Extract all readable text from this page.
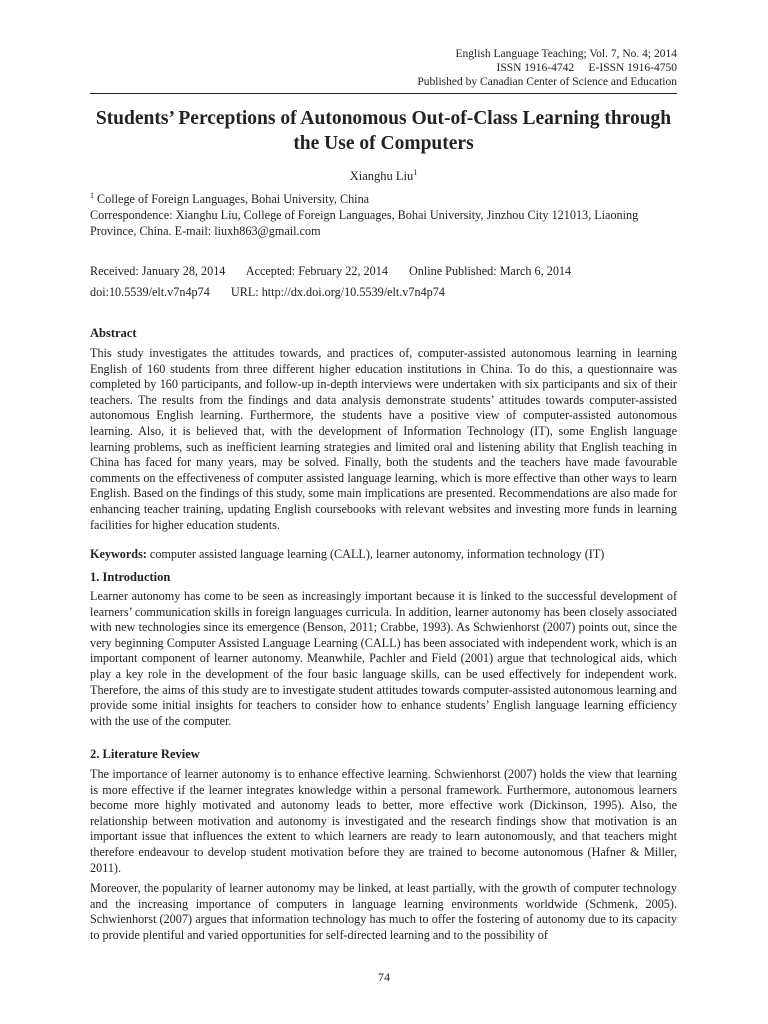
English Language Teaching; Vol. 7, No. 4; 2014
ISSN 1916-4742     E-ISSN 1916-4750
Published by Canadian Center of Science and Education
Students’ Perceptions of Autonomous Out-of-Class Learning through the Use of Computers
Xianghu Liu$^1$
$^1$ College of Foreign Languages, Bohai University, China
Correspondence: Xianghu Liu, College of Foreign Languages, Bohai University, Jinzhou City 121013, Liaoning Province, China. E-mail: liuxh863@gmail.com
Received: January 28, 2014 Accepted: February 22, 2014 Online Published: March 6, 2014
doi:10.5539/elt.v7n4p74 URL: http://dx.doi.org/10.5539/elt.v7n4p74
Abstract
This study investigates the attitudes towards, and practices of, computer-assisted autonomous learning in learning English of 160 students from three different higher education institutions in China. To do this, a questionnaire was completed by 160 participants, and follow-up in-depth interviews were undertaken with six participants and six of their teachers. The results from the findings and data analysis demonstrate students’ attitudes towards computer-assisted autonomous English learning. Furthermore, the students have a positive view of computer-assisted autonomous learning. Also, it is believed that, with the development of Information Technology (IT), some English language learning problems, such as inefficient learning strategies and limited oral and listening ability that English teaching in China has faced for many years, may be solved. Finally, both the students and the teachers have made favourable comments on the effectiveness of computer assisted language learning, which is more effective than other ways to learn English. Based on the findings of this study, some main implications are presented. Recommendations are also made for enhancing teacher training, updating English coursebooks with relevant websites and investing more funds in learning facilities for higher education students.
Keywords: computer assisted language learning (CALL), learner autonomy, information technology (IT)
1. Introduction
Learner autonomy has come to be seen as increasingly important because it is linked to the successful development of learners’ communication skills in foreign languages curricula. In addition, learner autonomy has been closely associated with new technologies since its emergence (Benson, 2011; Crabbe, 1993). As Schwienhorst (2007) points out, since the very beginning Computer Assisted Language Learning (CALL) has been associated with independent work, which is an important component of learner autonomy. Meanwhile, Pachler and Field (2001) argue that technological aids, which play a key role in the development of the four basic language skills, can be used effectively for independent work. Therefore, the aims of this study are to investigate student attitudes towards computer-assisted autonomous learning and provide some initial insights for teachers to consider how to enhance students’ English language learning efficiency with the use of the computer.
2. Literature Review
The importance of learner autonomy is to enhance effective learning. Schwienhorst (2007) holds the view that learning is more effective if the learner integrates knowledge within a personal framework. Furthermore, autonomous learners become more highly motivated and autonomy leads to better, more effective work (Dickinson, 1995). Also, the relationship between motivation and autonomy is investigated and the research findings show that motivation is an important issue that influences the extent to which learners are ready to learn autonomously, and that teachers might therefore endeavour to develop student motivation before they are trained to become autonomous (Hafner & Miller, 2011).
Moreover, the popularity of learner autonomy may be linked, at least partially, with the growth of computer technology and the increasing importance of computers in language learning environments worldwide (Schmenk, 2005). Schwienhorst (2007) argues that information technology has much to offer the fostering of autonomy due to its capacity to provide plentiful and varied opportunities for self-directed learning and to the possibility of
74
